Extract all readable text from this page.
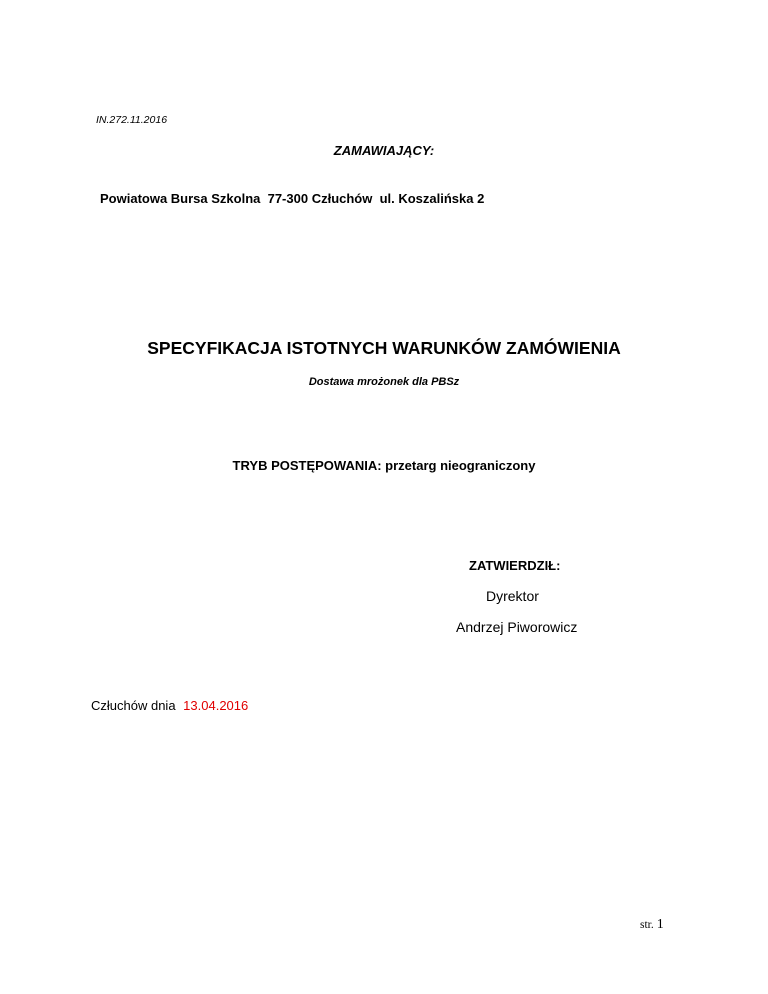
IN.272.11.2016
ZAMAWIAJĄCY:
Powiatowa Bursa Szkolna  77-300 Człuchów  ul. Koszalińska 2
SPECYFIKACJA ISTOTNYCH WARUNKÓW ZAMÓWIENIA
Dostawa mrożonek dla PBSz
TRYB POSTĘPOWANIA: przetarg nieograniczony
ZATWIERDZIŁ:
Dyrektor
Andrzej Piworowicz
Człuchów dnia 13.04.2016
str. 1
